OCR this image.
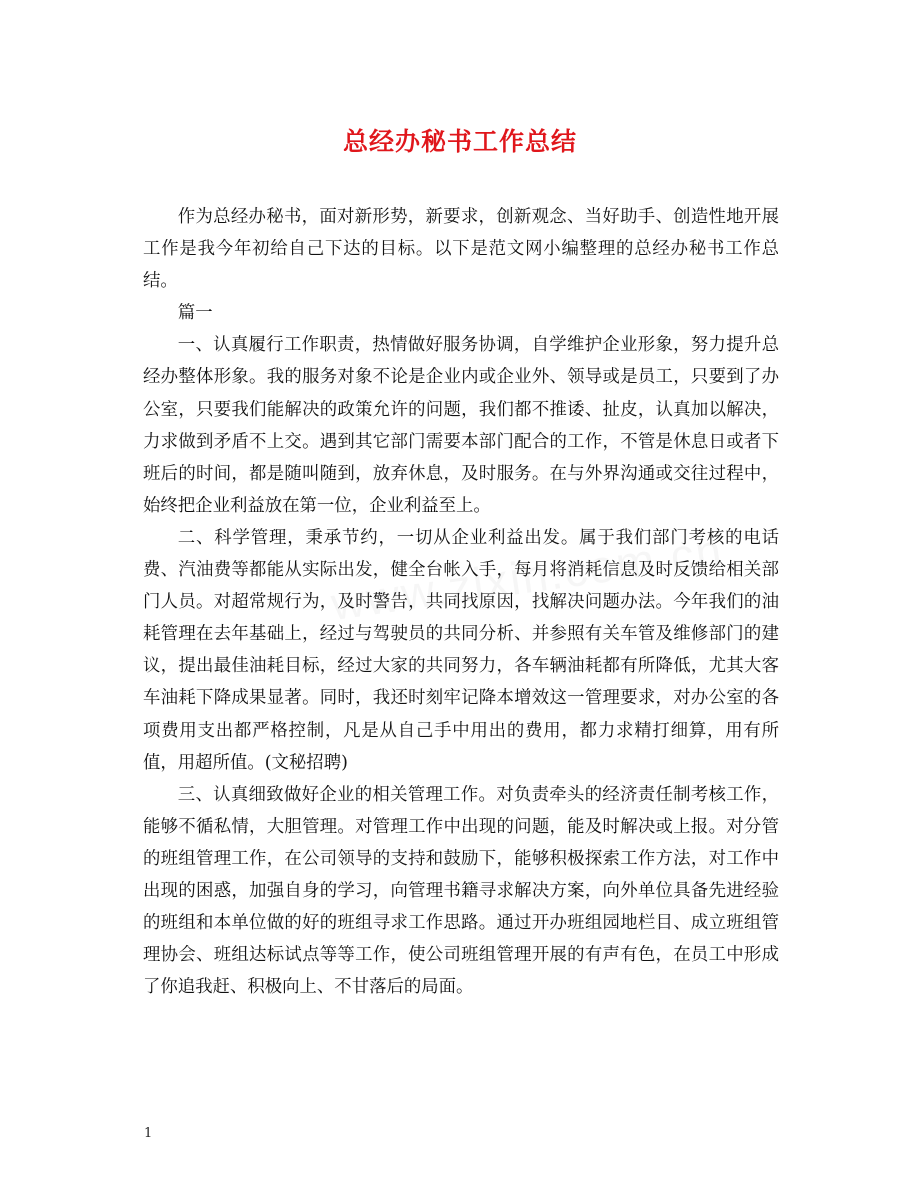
总经办秘书工作总结

作为总经办秘书，面对新形势，新要求，创新观念、当好助手、创造性地开展工作是我今年初给自己下达的目标。以下是范文网小编整理的总经办秘书工作总结。

篇一

一、认真履行工作职责，热情做好服务协调，自学维护企业形象，努力提升总经办整体形象。我的服务对象不论是企业内或企业外、领导或是员工，只要到了办公室，只要我们能解决的政策允许的问题，我们都不推诿、扯皮，认真加以解决，力求做到矛盾不上交。遇到其它部门需要本部门配合的工作，不管是休息日或者下班后的时间，都是随叫随到，放弃休息，及时服务。在与外界沟通或交往过程中，始终把企业利益放在第一位，企业利益至上。

二、科学管理，秉承节约，一切从企业利益出发。属于我们部门考核的电话费、汽油费等都能从实际出发，健全台帐入手，每月将消耗信息及时反馈给相关部门人员。对超常规行为，及时警告，共同找原因，找解决问题办法。今年我们的油耗管理在去年基础上，经过与驾驶员的共同分析、并参照有关车管及维修部门的建议，提出最佳油耗目标，经过大家的共同努力，各车辆油耗都有所降低，尤其大客车油耗下降成果显著。同时，我还时刻牢记降本增效这一管理要求，对办公室的各项费用支出都严格控制，凡是从自己手中用出的费用，都力求精打细算，用有所值，用超所值。(文秘招聘)

三、认真细致做好企业的相关管理工作。对负责牵头的经济责任制考核工作，能够不循私情，大胆管理。对管理工作中出现的问题，能及时解决或上报。对分管的班组管理工作，在公司领导的支持和鼓励下，能够积极探索工作方法，对工作中出现的困惑，加强自身的学习，向管理书籍寻求解决方案，向外单位具备先进经验的班组和本单位做的好的班组寻求工作思路。通过开办班组园地栏目、成立班组管理协会、班组达标试点等等工作，使公司班组管理开展的有声有色，在员工中形成了你追我赶、积极向上、不甘落后的局面。

1
